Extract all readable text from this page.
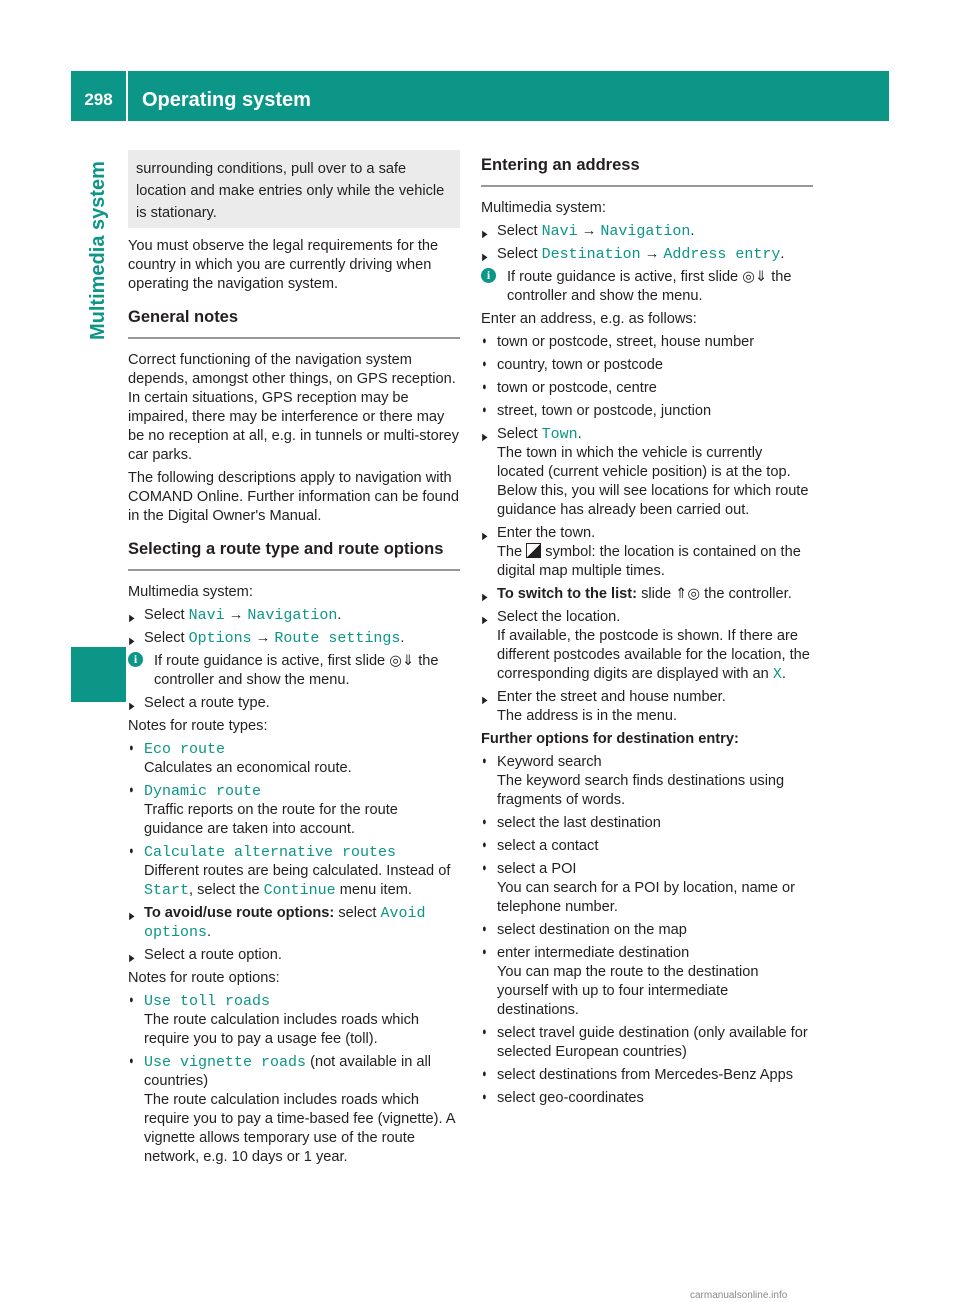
298	Operating system
Multimedia system	surrounding conditions, pull over to a safe location and make entries only while the vehicle is stationary.

You must observe the legal requirements for the country in which you are currently driving when operating the navigation system.

General notes

Correct functioning of the navigation system depends, amongst other things, on GPS reception. In certain situations, GPS reception may be impaired, there may be interference or there may be no reception at all, e.g. in tunnels or multi-storey car parks.

The following descriptions apply to navigation with COMAND Online. Further information can be found in the Digital Owner's Manual.

Selecting a route type and route options

Multimedia system:

▶ Select Navi → Navigation.
▶ Select Options → Route settings.
i	If route guidance is active, first slide ◎⇓ the controller and show the menu.
▶ Select a route type.

Notes for route types:

● Eco route
Calculates an economical route.
● Dynamic route
Traffic reports on the route for the route guidance are taken into account.
● Calculate alternative routes
Different routes are being calculated. Instead of Start, select the Continue menu item.
▶ To avoid/use route options: select Avoid options.
▶ Select a route option.

Notes for route options:

● Use toll roads
The route calculation includes roads which require you to pay a usage fee (toll).
● Use vignette roads (not available in all countries)
The route calculation includes roads which require you to pay a time-based fee (vignette). A vignette allows temporary use of the route network, e.g. 10 days or 1 year.
Entering an address

Multimedia system:

▶ Select Navi → Navigation.
▶ Select Destination → Address entry.
i	If route guidance is active, first slide ◎⇓ the controller and show the menu.

Enter an address, e.g. as follows:

● town or postcode, street, house number
● country, town or postcode
● town or postcode, centre
● street, town or postcode, junction
▶ Select Town.
The town in which the vehicle is currently located (current vehicle position) is at the top. Below this, you will see locations for which route guidance has already been carried out.
▶ Enter the town.
The symbol: the location is contained on the digital map multiple times.
▶ To switch to the list: slide ⇑◎ the controller.
▶ Select the location.
If available, the postcode is shown. If there are different postcodes available for the location, the corresponding digits are displayed with an X.
▶ Enter the street and house number.
The address is in the menu.

Further options for destination entry:

● Keyword search
The keyword search finds destinations using fragments of words.
● select the last destination
● select a contact
● select a POI
You can search for a POI by location, name or telephone number.
● select destination on the map
● enter intermediate destination
You can map the route to the destination yourself with up to four intermediate destinations.
● select travel guide destination (only available for selected European countries)
● select destinations from Mercedes-Benz Apps
● select geo-coordinates
carmanualsonline.info
